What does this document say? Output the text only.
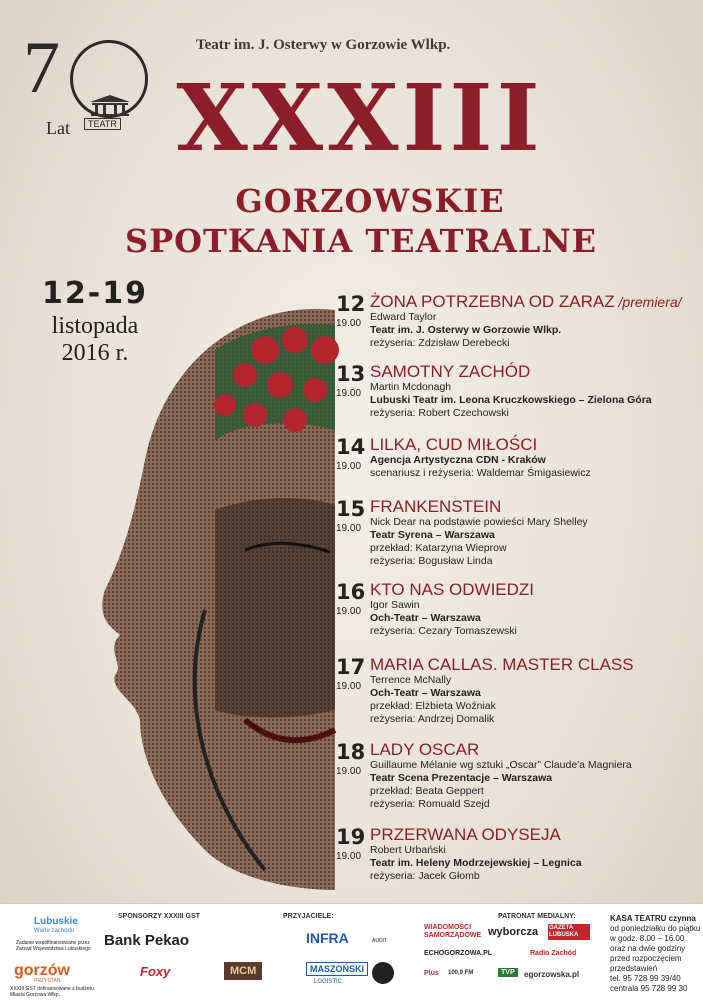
7
Lat	TEATR
Teatr im. J. Osterwy w Gorzowie Wlkp.
XXXIII
GORZOWSKIE
SPOTKANIA TEATRALNE
12-19
listopada
2016 r.
12
19.00
ŻONA POTRZEBNA OD ZARAZ /premiera/
Edward Taylor
Teatr im. J. Osterwy w Gorzowie Wlkp.
reżyseria: Zdzisław Derebecki
13
19.00
SAMOTNY ZACHÓD
Martin Mcdonagh
Lubuski Teatr im. Leona Kruczkowskiego – Zielona Góra
reżyseria: Robert Czechowski
14
19.00
LILKA, CUD MIŁOŚCI
Agencja Artystyczna CDN - Kraków
scenariusz i reżyseria: Waldemar Śmigasiewicz
15
19.00
FRANKENSTEIN
Nick Dear na podstawie powieści Mary Shelley
Teatr Syrena – Warszawa
przekład: Katarzyna Wieprow
reżyseria: Bogusław Linda
16
19.00
KTO NAS ODWIEDZI
Igor Sawin
Och-Teatr – Warszawa
reżyseria: Cezary Tomaszewski
17
19.00
MARIA CALLAS. MASTER CLASS
Terrence McNally
Och-Teatr – Warszawa
przekład: Elżbieta Woźniak
reżyseria: Andrzej Domalik
18
19.00
LADY OSCAR
Guillaume Mélanie wg sztuki „Oscar” Claude'a Magniera
Teatr Scena Prezentacje – Warszawa
przekład: Beata Geppert
reżyseria: Romuald Szejd
19
19.00
PRZERWANA ODYSEJA
Robert Urbański
Teatr im. Heleny Modrzejewskiej – Legnica
reżyseria: Jacek Głomb
Lubuskie
Warte zachodu
Zadanie współfinansowane przez Zarząd Województwa Lubuskiego
gorzów
PRZYSTAŃ
XXXIII GST dofinansowane z budżetu Miasta Gorzowa Wlkp.
SPONSORZY XXXIII GST
Bank Pekao
Foxy
PRZYJACIELE:
INFRA
MCM	MASZOŃSKI
LOGISTIC
AUDIT
PATRONAT MEDIALNY:
WIADOMOŚCI SAMORZĄDOWE wyborcza GAZETA LUBUSKA
ECHOGORZOWA.PL	Radio Zachód
Plus 100,9 FM	TVP	egorzowska.pl
KASA TEATRU czynna
od poniedziałku do piątku
w godz. 8.00 – 16.00
oraz na dwie godziny
przed rozpoczęciem
przedstawień
tel. 95 728 99 39/40
centrala 95 728 99 30
